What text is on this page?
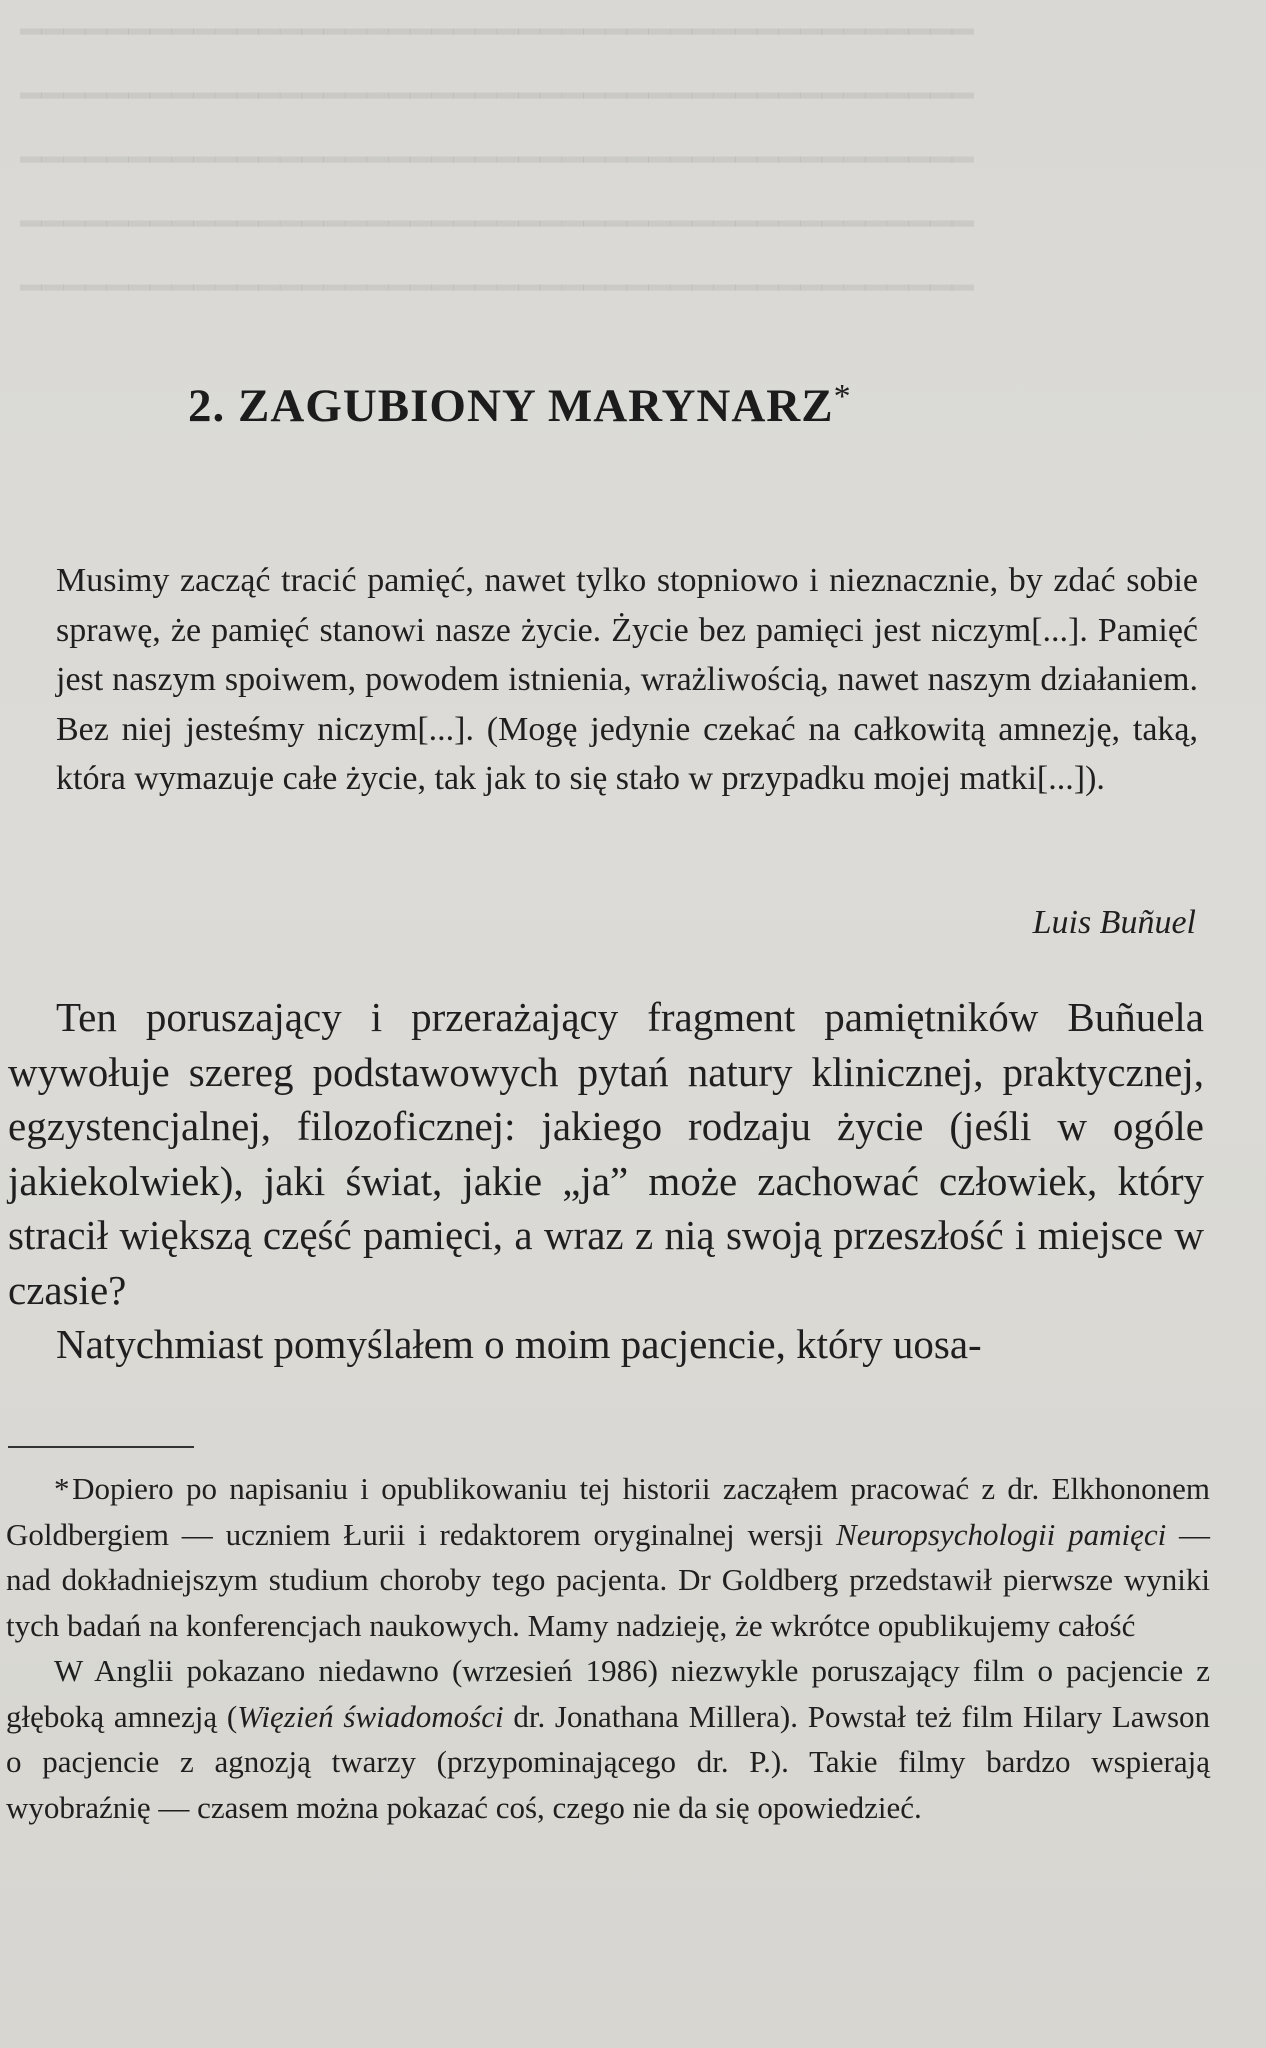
━━━━━━━━━━━━━━━━━━━━━━━━━━━━━━━━━━━━━━━━━━━━
━━━━━━━━━━━━━━━━━━━━━━━━━━━━━━━━━━━━━━━━━━━━
━━━━━━━━━━━━━━━━━━━━━━━━━━━━━━━━━━━━━━━━━━━━
━━━━━━━━━━━━━━━━━━━━━━━━━━━━━━━━━━━━━━━━━━━━
━━━━━━━━━━━━━━━━━━━━━━━━━━━━━━━━━━━━━━━━━━━━
2. ZAGUBIONY MARYNARZ*

Musimy zacząć tracić pamięć, nawet tylko stopniowo i nieznacznie, by zdać sobie sprawę, że pamięć stanowi nasze życie. Życie bez pamięci jest niczym[...]. Pamięć jest naszym spoiwem, powodem istnienia, wrażliwością, nawet naszym działaniem. Bez niej jesteśmy niczym[...]. (Mogę jedynie czekać na całkowitą amnezję, taką, która wymazuje całe życie, tak jak to się stało w przypadku mojej matki[...]).

Luis Buñuel

Ten poruszający i przerażający fragment pamiętników Buñuela wywołuje szereg podstawowych pytań natury klinicznej, praktycznej, egzystencjalnej, filozoficznej: jakiego rodzaju życie (jeśli w ogóle jakiekolwiek), jaki świat, jakie „ja” może zachować człowiek, który stracił większą część pamięci, a wraz z nią swoją przeszłość i miejsce w czasie?

Natychmiast pomyślałem o moim pacjencie, który uosa-

* Dopiero po napisaniu i opublikowaniu tej historii zacząłem pracować z dr. Elkhononem Goldbergiem — uczniem Łurii i redaktorem oryginalnej wersji Neuropsychologii pamięci — nad dokładniejszym studium choroby tego pacjenta. Dr Goldberg przedstawił pierwsze wyniki tych badań na konferencjach naukowych. Mamy nadzieję, że wkrótce opublikujemy całość

W Anglii pokazano niedawno (wrzesień 1986) niezwykle poruszający film o pacjencie z głęboką amnezją (Więzień świadomości dr. Jonathana Millera). Powstał też film Hilary Lawson o pacjencie z agnozją twarzy (przypominającego dr. P.). Takie filmy bardzo wspierają wyobraźnię — czasem można pokazać coś, czego nie da się opowiedzieć.
